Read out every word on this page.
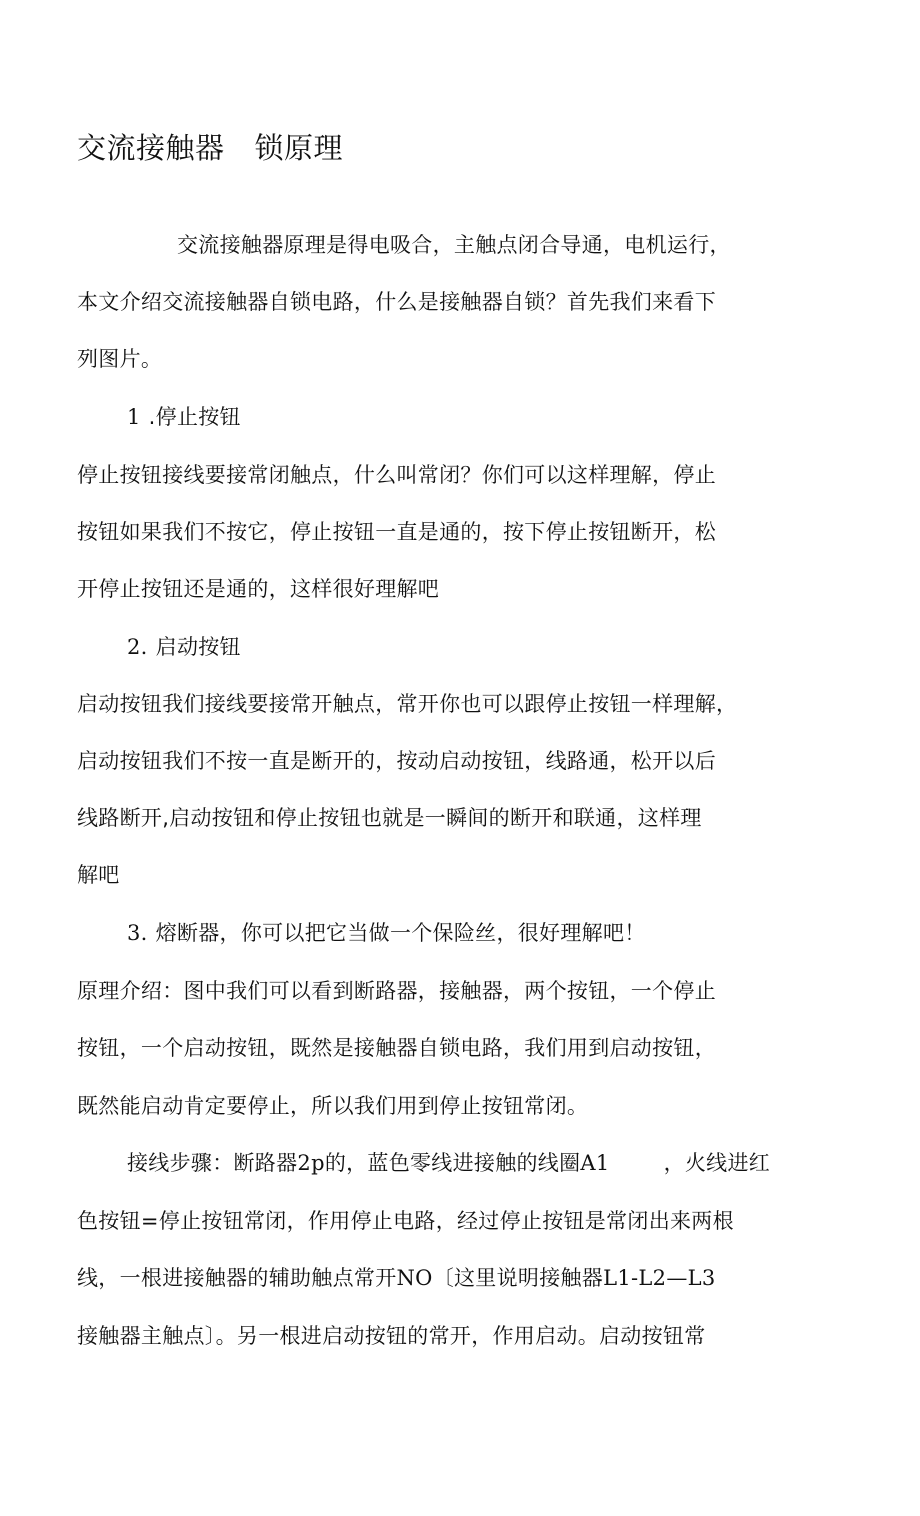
交流接触器 锁原理
交流接触器原理是得电吸合，主触点闭合导通，电机运行，
本文介绍交流接触器自锁电路，什么是接触器自锁？首先我们来看下
列图片。
1 .停止按钮
停止按钮接线要接常闭触点，什么叫常闭？你们可以这样理解，停止
按钮如果我们不按它，停止按钮一直是通的，按下停止按钮断开，松
开停止按钮还是通的，这样很好理解吧
2. 启动按钮
启动按钮我们接线要接常开触点，常开你也可以跟停止按钮一样理解，
启动按钮我们不按一直是断开的，按动启动按钮，线路通，松开以后
线路断开,启动按钮和停止按钮也就是一瞬间的断开和联通，这样理
解吧
3. 熔断器，你可以把它当做一个保险丝，很好理解吧！
原理介绍：图中我们可以看到断路器，接触器，两个按钮，一个停止
按钮，一个启动按钮，既然是接触器自锁电路，我们用到启动按钮，
既然能启动肯定要停止，所以我们用到停止按钮常闭。
接线步骤：断路器2p的，蓝色零线进接触的线圈A1	，火线进红
色按钮=停止按钮常闭，作用停止电路，经过停止按钮是常闭出来两根
线，一根进接触器的辅助触点常开NO〔这里说明接触器L1-L2—L3
接触器主触点〕。另一根进启动按钮的常开，作用启动。启动按钮常
